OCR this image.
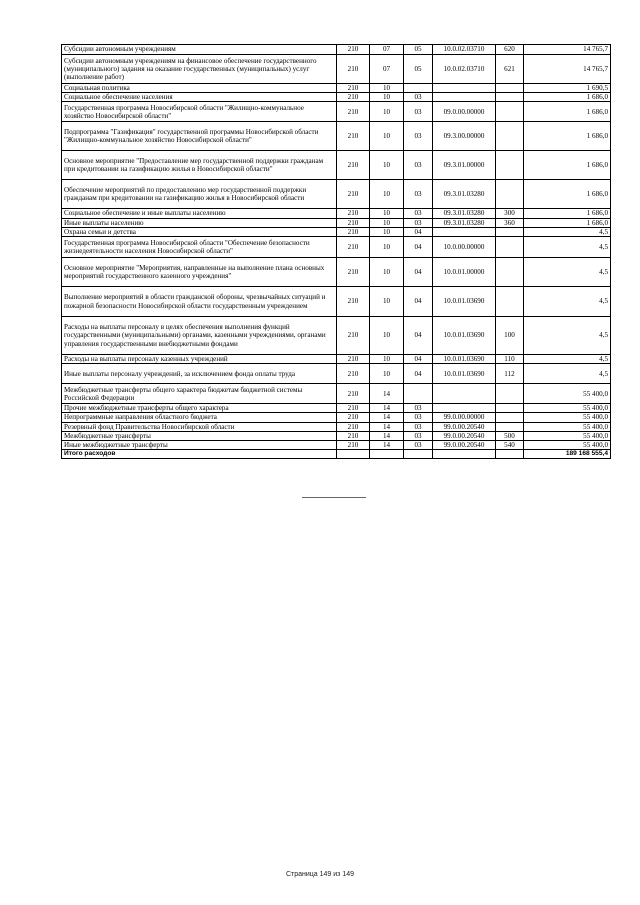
Субсидии автономным учреждениям	210	07	05	10.0.02.03710	620	14 765,7
Субсидии автономным учреждениям на финансовое обеспечение государственного (муниципального) задания на оказание государственных (муниципальных) услуг (выполнение работ)	210	07	05	10.0.02.03710	621	14 765,7
Социальная политика	210	10				1 690,5
Социальное обеспечение населения	210	10	03			1 686,0
Государственная программа Новосибирской области "Жилищно-коммунальное хозяйство Новосибирской области"	210	10	03	09.0.00.00000		1 686,0
Подпрограмма "Газификация" государственной программы Новосибирской области "Жилищно-коммунальное хозяйство Новосибирской области"	210	10	03	09.3.00.00000		1 686,0
Основное мероприятие "Предоставление мер государственной поддержки гражданам при кредитовании на газификацию жилья в Новосибирской области"	210	10	03	09.3.01.00000		1 686,0
Обеспечение мероприятий по предоставлению мер государственной поддержки гражданам при кредитовании на газификацию жилья в Новосибирской области	210	10	03	09.3.01.03280		1 686,0
Социальное обеспечение и иные выплаты населению	210	10	03	09.3.01.03280	300	1 686,0
Иные выплаты населению	210	10	03	09.3.01.03280	360	1 686,0
Охрана семьи и детства	210	10	04			4,5
Государственная программа Новосибирской области "Обеспечение безопасности жизнедеятельности населения Новосибирской области"	210	10	04	10.0.00.00000		4,5
Основное мероприятие "Мероприятия, направленные на выполнение плана основных мероприятий государственного казенного учреждения"	210	10	04	10.0.01.00000		4,5
Выполнение мероприятий в области гражданской обороны, чрезвычайных ситуаций и пожарной безопасности Новосибирской области государственным учреждением	210	10	04	10.0.01.03690		4,5
Расходы на выплаты персоналу в целях обеспечения выполнения функций государственными (муниципальными) органами, казенными учреждениями, органами управления государственными внебюджетными фондами	210	10	04	10.0.01.03690	100	4,5
Расходы на выплаты персоналу казенных учреждений	210	10	04	10.0.01.03690	110	4,5
Иные выплаты персоналу учреждений, за исключением фонда оплаты труда	210	10	04	10.0.01.03690	112	4,5
Межбюджетные трансферты общего характера бюджетам бюджетной системы Российской Федерации	210	14				55 400,0
Прочие межбюджетные трансферты общего характера	210	14	03			55 400,0
Непрограммные направления областного бюджета	210	14	03	99.0.00.00000		55 400,0
Резервный фонд Правительства Новосибирской области	210	14	03	99.0.00.20540		55 400,0
Межбюджетные трансферты	210	14	03	99.0.00.20540	500	55 400,0
Иные межбюджетные трансферты	210	14	03	99.0.00.20540	540	55 400,0
Итого расходов						189 168 555,4
Страница 149 из 149
